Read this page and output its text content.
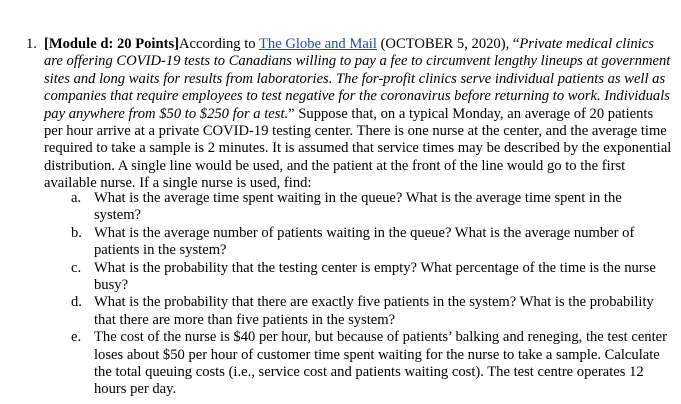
1. [Module d: 20 Points]According to The Globe and Mail (OCTOBER 5, 2020), “Private medical clinics are offering COVID-19 tests to Canadians willing to pay a fee to circumvent lengthy lineups at government sites and long waits for results from laboratories. The for-profit clinics serve individual patients as well as companies that require employees to test negative for the coronavirus before returning to work. Individuals pay anywhere from $50 to $250 for a test.” Suppose that, on a typical Monday, an average of 20 patients per hour arrive at a private COVID-19 testing center. There is one nurse at the center, and the average time required to take a sample is 2 minutes. It is assumed that service times may be described by the exponential distribution. A single line would be used, and the patient at the front of the line would go to the first available nurse. If a single nurse is used, find:

a. What is the average time spent waiting in the queue? What is the average time spent in the system?
b. What is the average number of patients waiting in the queue? What is the average number of patients in the system?
c. What is the probability that the testing center is empty? What percentage of the time is the nurse busy?
d. What is the probability that there are exactly five patients in the system? What is the probability that there are more than five patients in the system?
e. The cost of the nurse is $40 per hour, but because of patients’ balking and reneging, the test center loses about $50 per hour of customer time spent waiting for the nurse to take a sample. Calculate the total queuing costs (i.e., service cost and patients waiting cost). The test centre operates 12 hours per day.
